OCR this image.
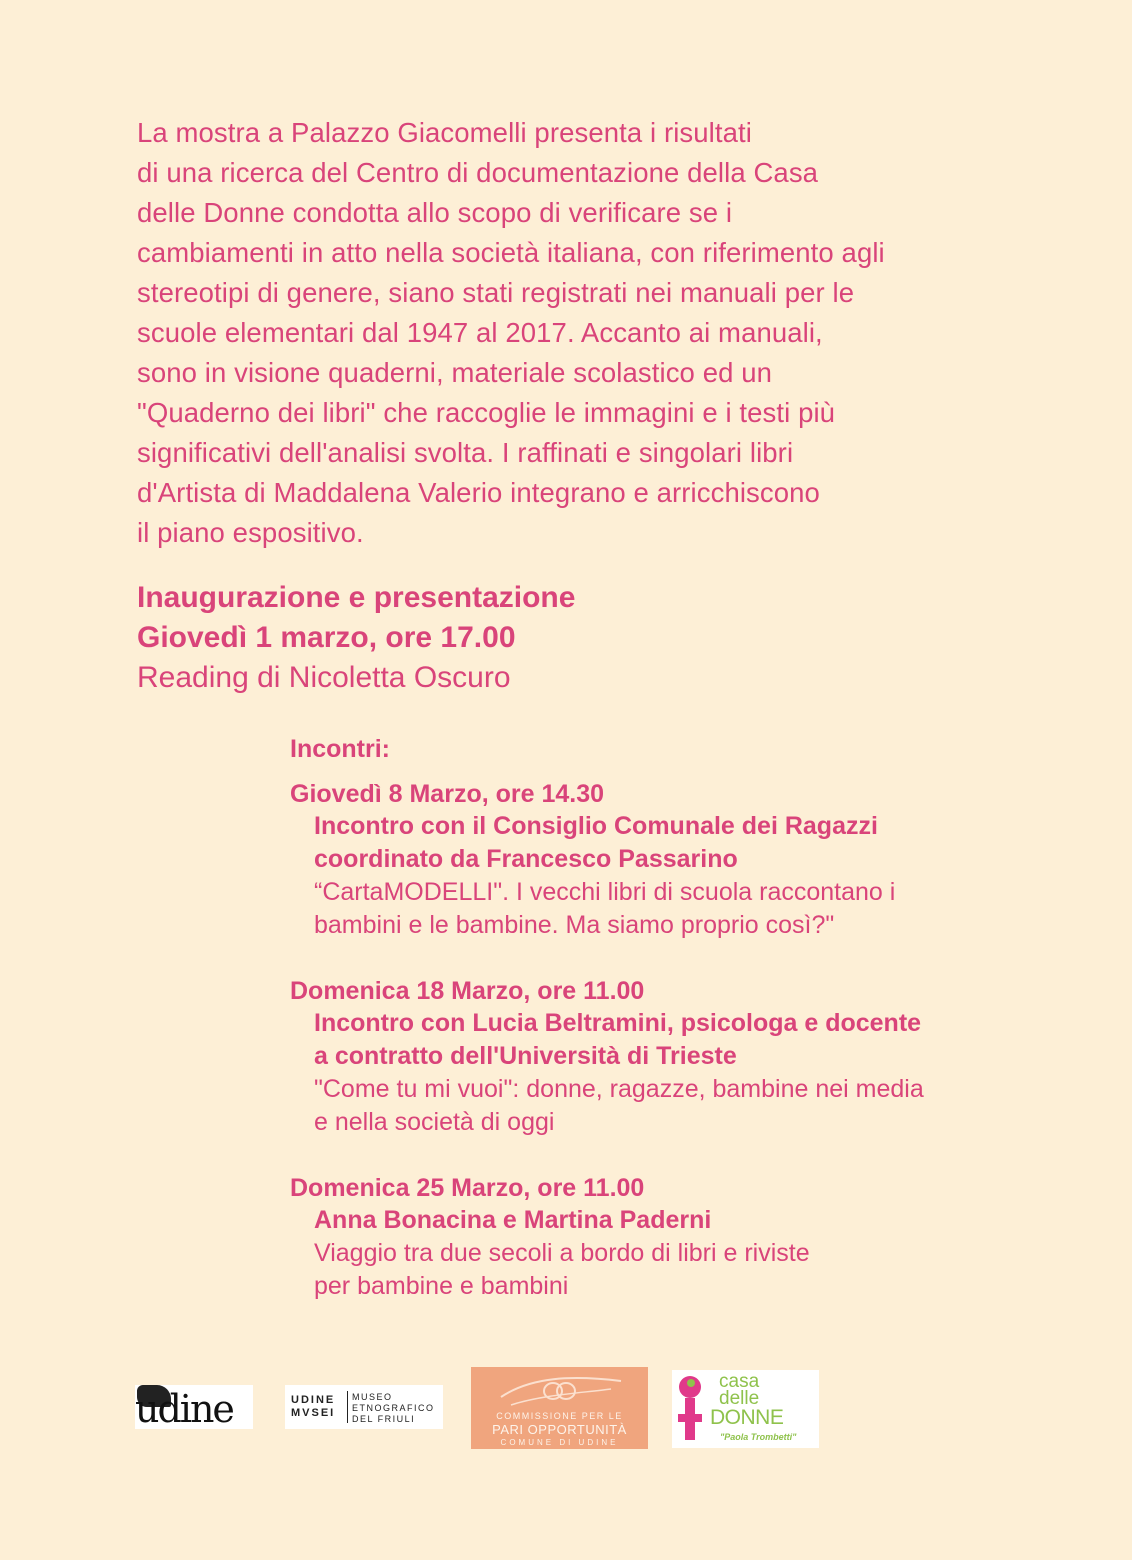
La mostra a Palazzo Giacomelli presenta i risultati
di una ricerca del Centro di documentazione della Casa
delle Donne condotta allo scopo di verificare se i
cambiamenti in atto nella società italiana, con riferimento agli
stereotipi di genere, siano stati registrati nei manuali per le
scuole elementari dal 1947 al 2017. Accanto ai manuali,
sono in visione quaderni, materiale scolastico ed un
"Quaderno dei libri" che raccoglie le immagini e i testi più
significativi dell'analisi svolta. I raffinati e singolari libri
d'Artista di Maddalena Valerio integrano e arricchiscono
il piano espositivo.
Inaugurazione e presentazione
Giovedì 1 marzo, ore 17.00
Reading di Nicoletta Oscuro
Incontri:
Giovedì 8 Marzo, ore 14.30
Incontro con il Consiglio Comunale dei Ragazzi
coordinato da Francesco Passarino
“CartaMODELLI". I vecchi libri di scuola raccontano i
bambini e le bambine. Ma siamo proprio così?"
Domenica 18 Marzo, ore 11.00
Incontro con Lucia Beltramini, psicologa e docente
a contratto dell'Università di Trieste
"Come tu mi vuoi": donne, ragazze, bambine nei media
e nella società di oggi
Domenica 25 Marzo, ore 11.00
Anna Bonacina e Martina Paderni
Viaggio tra due secoli a bordo di libri e riviste
per bambine e bambini
udine	UDINE
MVSEI
MUSEO
ETNOGRAFICO
DEL FRIULI	COMMISSIONE PER LE
PARI OPPORTUNITÀ
COMUNE DI UDINE
casa
delle
DONNE
"Paola Trombetti"
